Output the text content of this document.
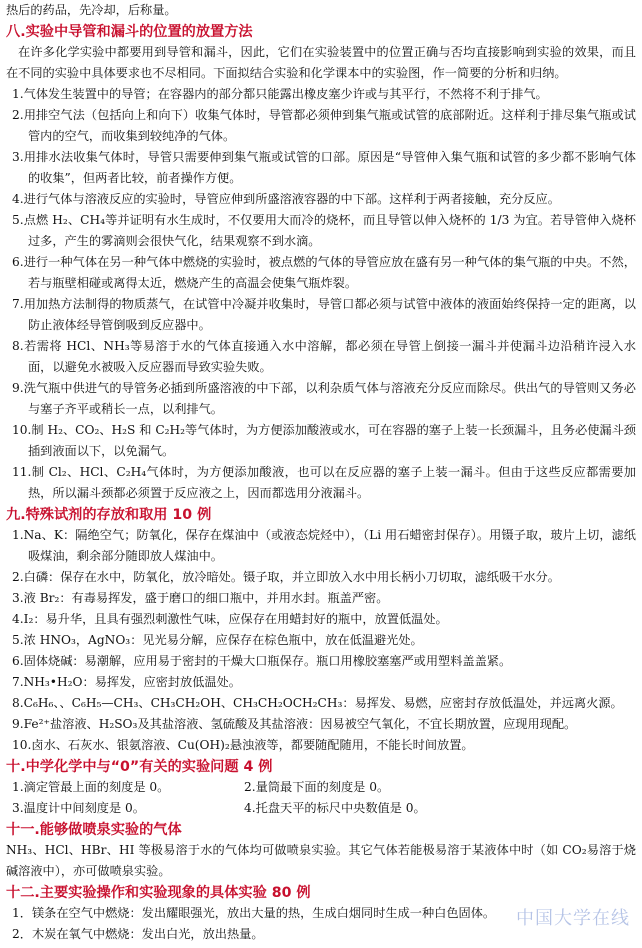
热后的药品，先冷却，后称量。
八.实验中导管和漏斗的位置的放置方法
在许多化学实验中都要用到导管和漏斗，因此，它们在实验装置中的位置正确与否均直接影响到实验的效果，而且在不同的实验中具体要求也不尽相同。下面拟结合实验和化学课本中的实验图，作一简要的分析和归纳。
1.气体发生装置中的导管；在容器内的部分都只能露出橡皮塞少许或与其平行，不然将不利于排气。
2.用排空气法（包括向上和向下）收集气体时，导管都必须伸到集气瓶或试管的底部附近。这样利于排尽集气瓶或试管内的空气，而收集到较纯净的气体。
3.用排水法收集气体时，导管只需要伸到集气瓶或试管的口部。原因是“导管伸入集气瓶和试管的多少都不影响气体的收集”，但两者比较，前者操作方便。
4.进行气体与溶液反应的实验时，导管应伸到所盛溶液容器的中下部。这样利于两者接触，充分反应。
5.点燃 H₂、CH₄等并证明有水生成时，不仅要用大而冷的烧杯，而且导管以伸入烧杯的 1/3 为宜。若导管伸入烧杯过多，产生的雾滴则会很快气化，结果观察不到水滴。
6.进行一种气体在另一种气体中燃烧的实验时，被点燃的气体的导管应放在盛有另一种气体的集气瓶的中央。不然，若与瓶壁相碰或离得太近，燃烧产生的高温会使集气瓶炸裂。
7.用加热方法制得的物质蒸气，在试管中冷凝并收集时，导管口都必须与试管中液体的液面始终保持一定的距离，以防止液体经导管倒吸到反应器中。
8.若需将 HCl、NH₃等易溶于水的气体直接通入水中溶解，都必须在导管上倒接一漏斗并使漏斗边沿稍许浸入水面，以避免水被吸入反应器而导致实验失败。
9.洗气瓶中供进气的导管务必插到所盛溶液的中下部，以利杂质气体与溶液充分反应而除尽。供出气的导管则又务必与塞子齐平或稍长一点，以利排气。
10.制 H₂、CO₂、H₂S 和 C₂H₂等气体时，为方便添加酸液或水，可在容器的塞子上装一长颈漏斗，且务必使漏斗颈插到液面以下，以免漏气。
11.制 Cl₂、HCl、C₂H₄气体时，为方便添加酸液，也可以在反应器的塞子上装一漏斗。但由于这些反应都需要加热，所以漏斗颈都必须置于反应液之上，因而都选用分液漏斗。
九.特殊试剂的存放和取用 10 例
1.Na、K：隔绝空气；防氧化，保存在煤油中（或液态烷烃中），（Li 用石蜡密封保存）。用镊子取，玻片上切，滤纸吸煤油，剩余部分随即放人煤油中。
2.白磷：保存在水中，防氧化，放冷暗处。镊子取，并立即放入水中用长柄小刀切取，滤纸吸干水分。
3.液 Br₂：有毒易挥发，盛于磨口的细口瓶中，并用水封。瓶盖严密。
4.I₂：易升华，且具有强烈刺激性气味，应保存在用蜡封好的瓶中，放置低温处。
5.浓 HNO₃，AgNO₃：见光易分解，应保存在棕色瓶中，放在低温避光处。
6.固体烧碱：易潮解，应用易于密封的干燥大口瓶保存。瓶口用橡胶塞塞严或用塑料盖盖紧。
7.NH₃•H₂O：易挥发，应密封放低温处。
8.C₆H₆、、C₆H₅—CH₃、CH₃CH₂OH、CH₃CH₂OCH₂CH₃：易挥发、易燃，应密封存放低温处，并远离火源。
9.Fe²⁺盐溶液、H₂SO₃及其盐溶液、氢硫酸及其盐溶液：因易被空气氧化，不宜长期放置，应现用现配。
10.卤水、石灰水、银氨溶液、Cu(OH)₂悬浊液等，都要随配随用，不能长时间放置。
十.中学化学中与“0”有关的实验问题 4 例
1.滴定管最上面的刻度是 0。	2.量筒最下面的刻度是 0。
3.温度计中间刻度是 0。	4.托盘天平的标尺中央数值是 0。
十一.能够做喷泉实验的气体
NH₃、HCl、HBr、HI 等极易溶于水的气体均可做喷泉实验。其它气体若能极易溶于某液体中时（如 CO₂易溶于烧碱溶液中），亦可做喷泉实验。
十二.主要实验操作和实验现象的具体实验 80 例
1．镁条在空气中燃烧：发出耀眼强光，放出大量的热，生成白烟同时生成一种白色固体。
2．木炭在氧气中燃烧：发出白光，放出热量。
中国大学在线
